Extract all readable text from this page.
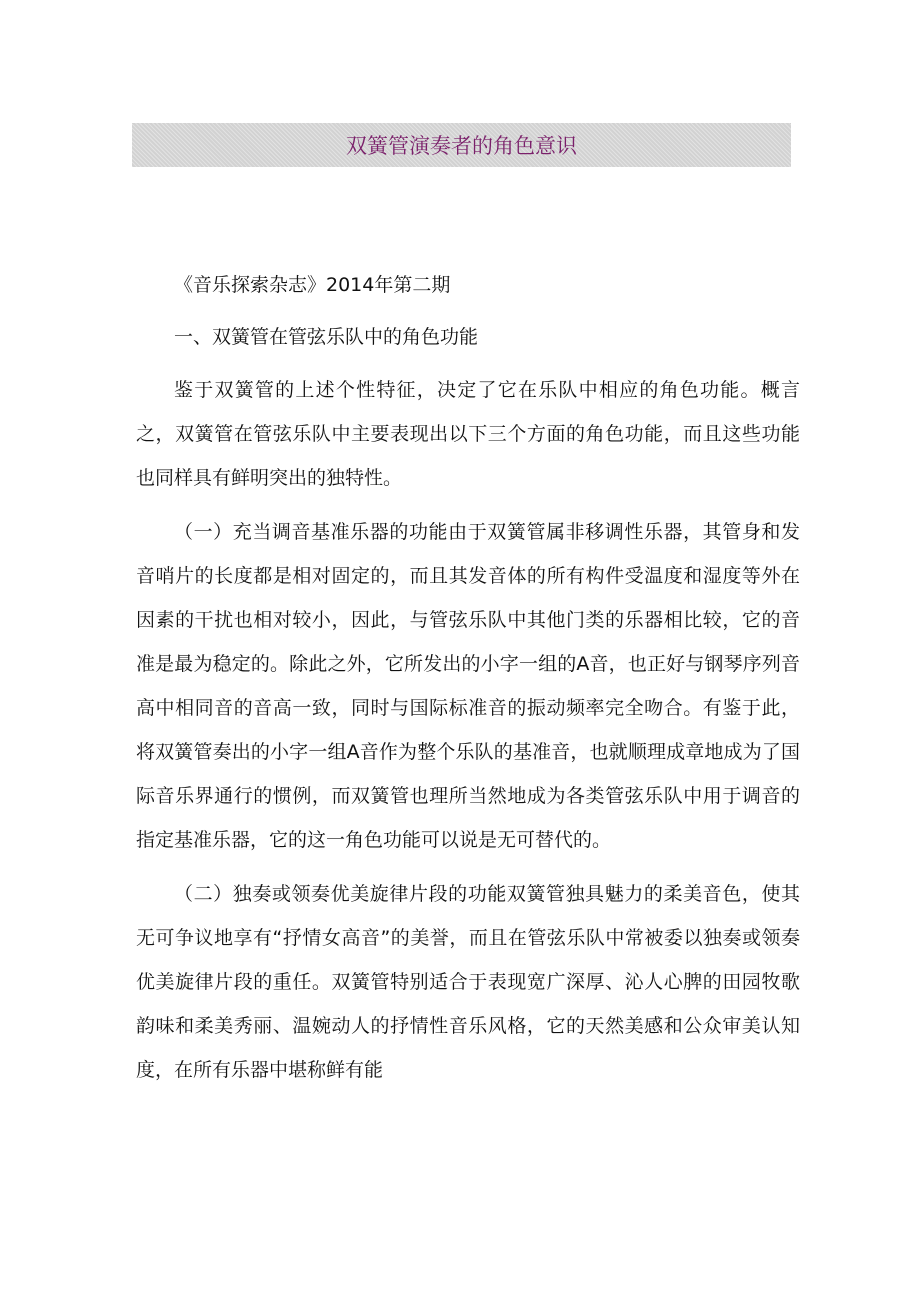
双簧管演奏者的角色意识

《音乐探索杂志》2014年第二期

一、双簧管在管弦乐队中的角色功能

鉴于双簧管的上述个性特征，决定了它在乐队中相应的角色功能。概言之，双簧管在管弦乐队中主要表现出以下三个方面的角色功能，而且这些功能也同样具有鲜明突出的独特性。

（一）充当调音基准乐器的功能由于双簧管属非移调性乐器，其管身和发音哨片的长度都是相对固定的，而且其发音体的所有构件受温度和湿度等外在因素的干扰也相对较小，因此，与管弦乐队中其他门类的乐器相比较，它的音准是最为稳定的。除此之外，它所发出的小字一组的A音，也正好与钢琴序列音高中相同音的音高一致，同时与国际标准音的振动频率完全吻合。有鉴于此，将双簧管奏出的小字一组A音作为整个乐队的基准音，也就顺理成章地成为了国际音乐界通行的惯例，而双簧管也理所当然地成为各类管弦乐队中用于调音的指定基准乐器，它的这一角色功能可以说是无可替代的。

（二）独奏或领奏优美旋律片段的功能双簧管独具魅力的柔美音色，使其无可争议地享有“抒情女高音”的美誉，而且在管弦乐队中常被委以独奏或领奏优美旋律片段的重任。双簧管特别适合于表现宽广深厚、沁人心脾的田园牧歌韵味和柔美秀丽、温婉动人的抒情性音乐风格，它的天然美感和公众审美认知度，在所有乐器中堪称鲜有能
